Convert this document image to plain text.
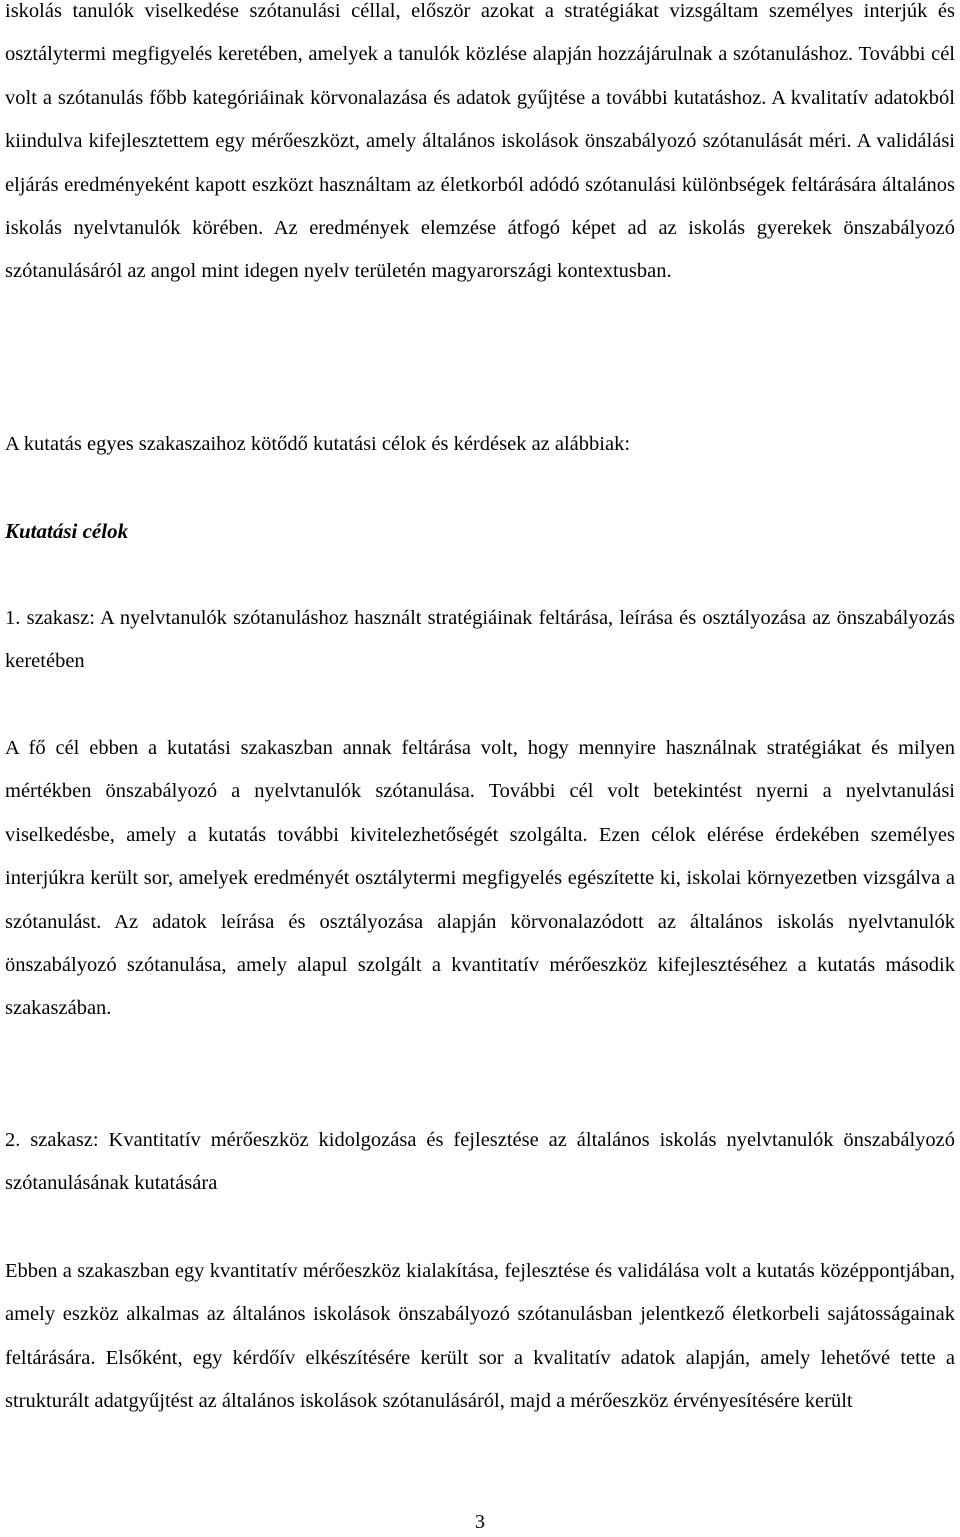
iskolás tanulók viselkedése szótanulási céllal, először azokat a stratégiákat vizsgáltam személyes interjúk és osztálytermi megfigyelés keretében, amelyek a tanulók közlése alapján hozzájárulnak a szótanuláshoz. További cél volt a szótanulás főbb kategóriáinak körvonalazása és adatok gyűjtése a további kutatáshoz. A kvalitatív adatokból kiindulva kifejlesztettem egy mérőeszközt, amely általános iskolások önszabályozó szótanulását méri. A validálási eljárás eredményeként kapott eszközt használtam az életkorból adódó szótanulási különbségek feltárására általános iskolás nyelvtanulók körében. Az eredmények elemzése átfogó képet ad az iskolás gyerekek önszabályozó szótanulásáról az angol mint idegen nyelv területén magyarországi kontextusban.

A kutatás egyes szakaszaihoz kötődő kutatási célok és kérdések az alábbiak:

Kutatási célok

1. szakasz: A nyelvtanulók szótanuláshoz használt stratégiáinak feltárása, leírása és osztályozása az önszabályozás keretében

A fő cél ebben a kutatási szakaszban annak feltárása volt, hogy mennyire használnak stratégiákat és milyen mértékben önszabályozó a nyelvtanulók szótanulása. További cél volt betekintést nyerni a nyelvtanulási viselkedésbe, amely a kutatás további kivitelezhetőségét szolgálta. Ezen célok elérése érdekében személyes interjúkra került sor, amelyek eredményét osztálytermi megfigyelés egészítette ki, iskolai környezetben vizsgálva a szótanulást. Az adatok leírása és osztályozása alapján körvonalazódott az általános iskolás nyelvtanulók önszabályozó szótanulása, amely alapul szolgált a kvantitatív mérőeszköz kifejlesztéséhez a kutatás második szakaszában.

2. szakasz: Kvantitatív mérőeszköz kidolgozása és fejlesztése az általános iskolás nyelvtanulók önszabályozó szótanulásának kutatására

Ebben a szakaszban egy kvantitatív mérőeszköz kialakítása, fejlesztése és validálása volt a kutatás középpontjában, amely eszköz alkalmas az általános iskolások önszabályozó szótanulásban jelentkező életkorbeli sajátosságainak feltárására. Elsőként, egy kérdőív elkészítésére került sor a kvalitatív adatok alapján, amely lehetővé tette a strukturált adatgyűjtést az általános iskolások szótanulásáról, majd a mérőeszköz érvényesítésére került

3
